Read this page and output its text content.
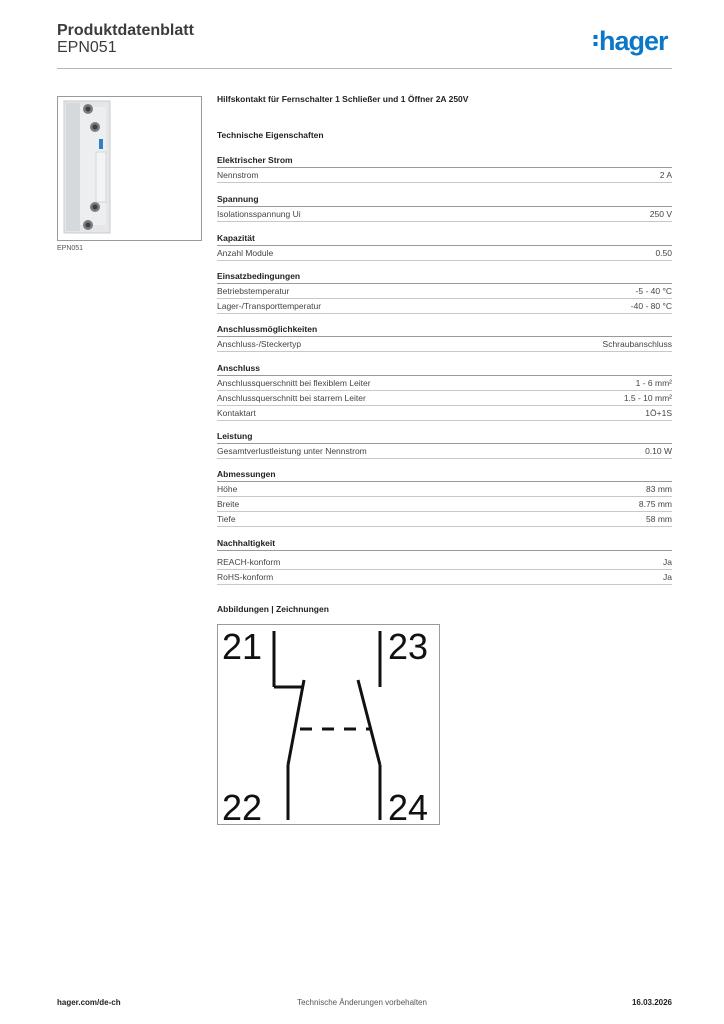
Produktdatenblatt
EPN051	hager
EPN051
Hilfskontakt für Fernschalter 1 Schließer und 1 Öffner 2A 250V
Technische Eigenschaften
Elektrischer Strom
Nennstrom	2 A
Spannung
Isolationsspannung Ui	250 V
Kapazität
Anzahl Module	0.50
Einsatzbedingungen
Betriebstemperatur	-5 - 40 °C
Lager-/Transporttemperatur	-40 - 80 °C
Anschlussmöglichkeiten
Anschluss-/Steckertyp	Schraubanschluss
Anschluss
Anschlussquerschnitt bei flexiblem Leiter	1 - 6 mm²
Anschlussquerschnitt bei starrem Leiter	1.5 - 10 mm²
Kontaktart	1Ö+1S
Leistung
Gesamtverlustleistung unter Nennstrom	0.10 W
Abmessungen
Höhe	83 mm
Breite	8.75 mm
Tiefe	58 mm
Nachhaltigkeit
REACH-konform	Ja
RoHS-konform	Ja
Abbildungen | Zeichnungen
21	23
22	24
hager.com/de-ch	Technische Änderungen vorbehalten	16.03.2026
